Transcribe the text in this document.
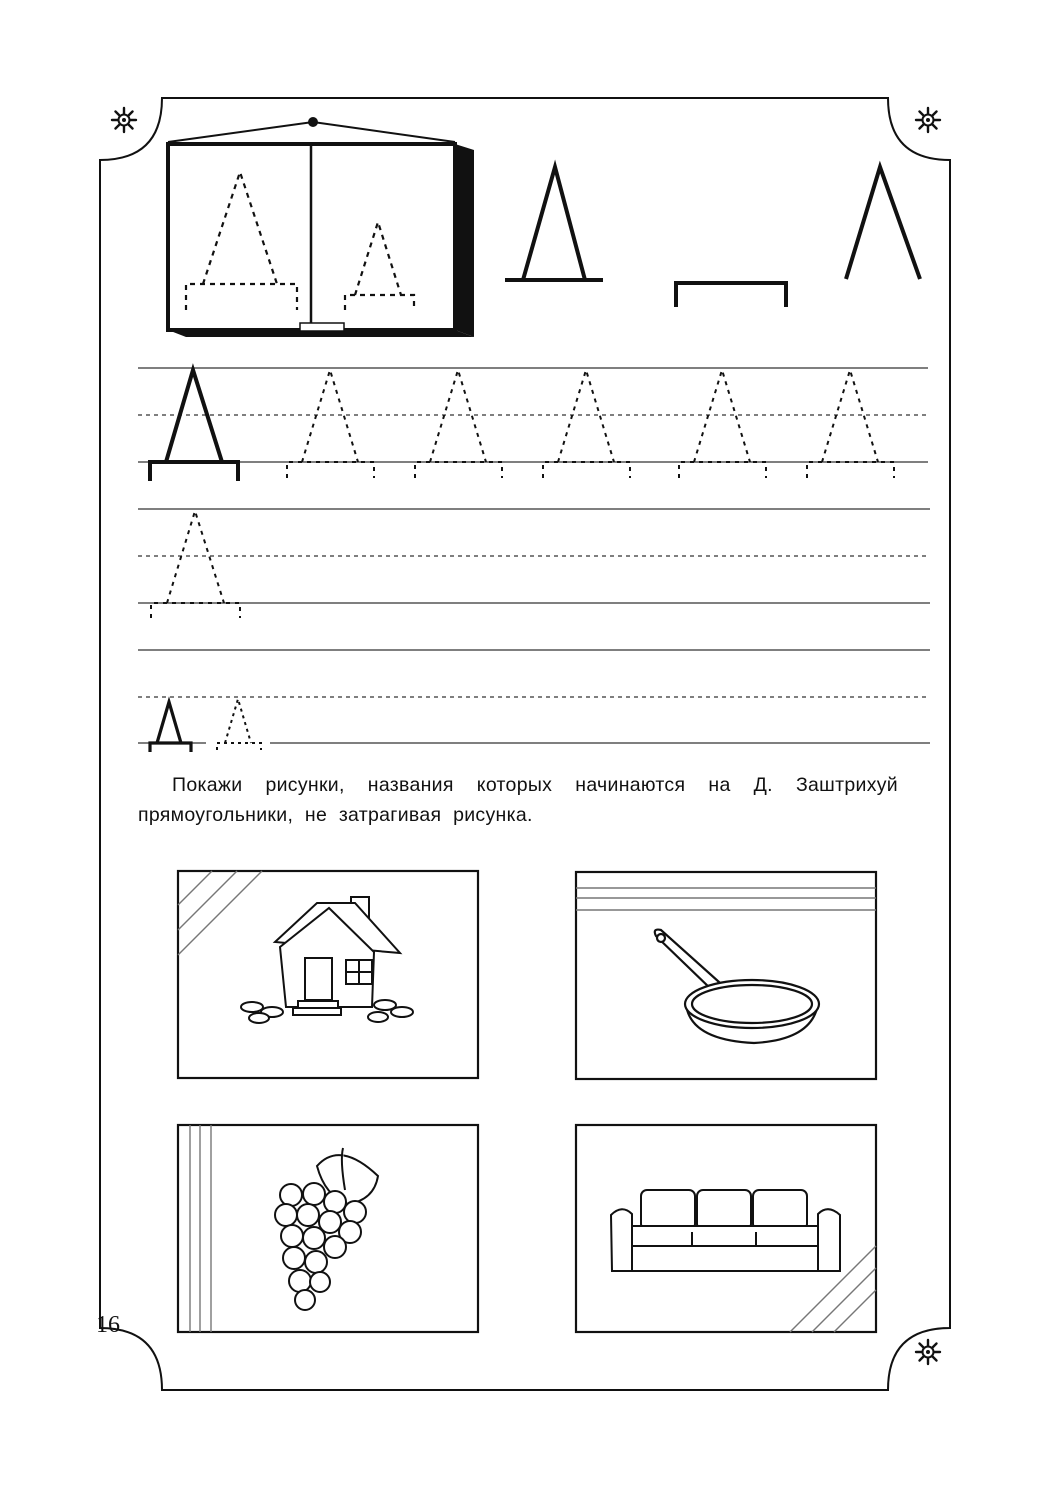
Покажи рисунки, названия которых начинаются на Д. Заштрихуй прямоугольники, не затрагивая рисунка.
16
